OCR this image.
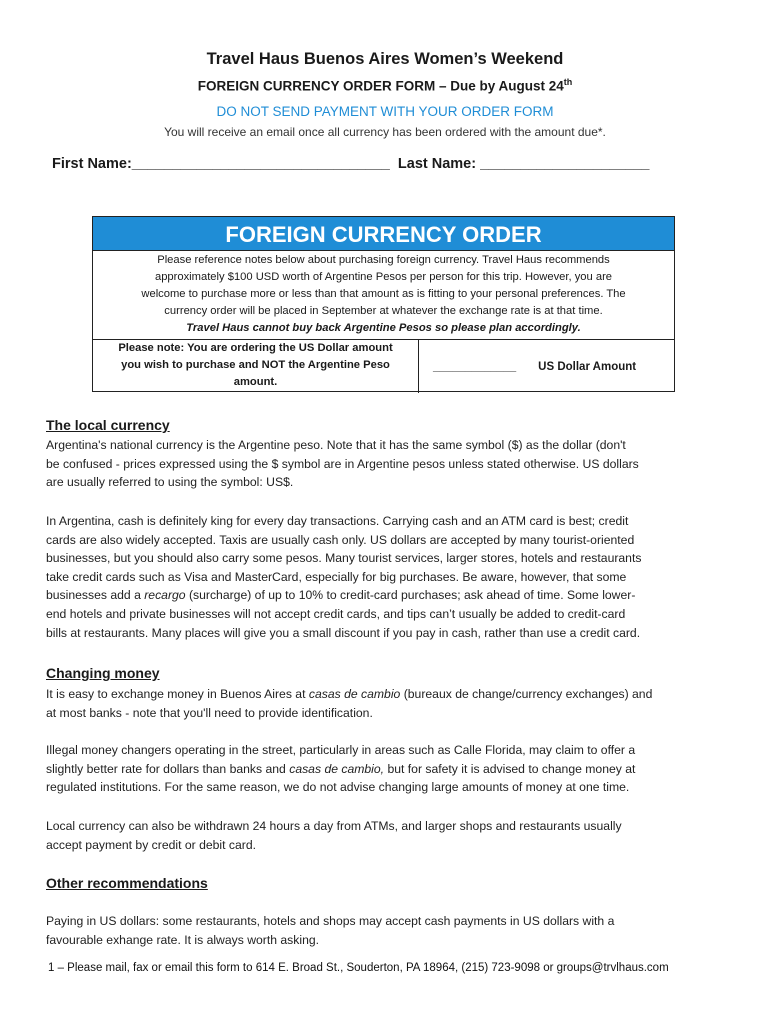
Travel Haus Buenos Aires Women’s Weekend
FOREIGN CURRENCY ORDER FORM – Due by August 24th
DO NOT SEND PAYMENT WITH YOUR ORDER FORM
You will receive an email once all currency has been ordered with the amount due*.
First Name:________________________________ Last Name: _____________________
FOREIGN CURRENCY ORDER
Please reference notes below about purchasing foreign currency. Travel Haus recommends
approximately $100 USD worth of Argentine Pesos per person for this trip. However, you are
welcome to purchase more or less than that amount as is fitting to your personal preferences. The
currency order will be placed in September at whatever the exchange rate is at that time.
Travel Haus cannot buy back Argentine Pesos so please plan accordingly.
Please note: You are ordering the US Dollar amount
you wish to purchase and NOT the Argentine Peso
amount.
_____________ US Dollar Amount
The local currency
Argentina's national currency is the Argentine peso. Note that it has the same symbol ($) as the dollar (don't
be confused - prices expressed using the $ symbol are in Argentine pesos unless stated otherwise. US dollars
are usually referred to using the symbol: US$.
In Argentina, cash is definitely king for every day transactions. Carrying cash and an ATM card is best; credit
cards are also widely accepted. Taxis are usually cash only. US dollars are accepted by many tourist-oriented
businesses, but you should also carry some pesos. Many tourist services, larger stores, hotels and restaurants
take credit cards such as Visa and MasterCard, especially for big purchases. Be aware, however, that some
businesses add a recargo (surcharge) of up to 10% to credit-card purchases; ask ahead of time. Some lower-
end hotels and private businesses will not accept credit cards, and tips can’t usually be added to credit-card
bills at restaurants. Many places will give you a small discount if you pay in cash, rather than use a credit card.
Changing money
It is easy to exchange money in Buenos Aires at casas de cambio (bureaux de change/currency exchanges) and
at most banks - note that you'll need to provide identification.
Illegal money changers operating in the street, particularly in areas such as Calle Florida, may claim to offer a
slightly better rate for dollars than banks and casas de cambio, but for safety it is advised to change money at
regulated institutions. For the same reason, we do not advise changing large amounts of money at one time.
Local currency can also be withdrawn 24 hours a day from ATMs, and larger shops and restaurants usually
accept payment by credit or debit card.
Other recommendations
Paying in US dollars: some restaurants, hotels and shops may accept cash payments in US dollars with a
favourable exhange rate. It is always worth asking.
1 – Please mail, fax or email this form to 614 E. Broad St., Souderton, PA 18964, (215) 723-9098 or groups@trvlhaus.com
